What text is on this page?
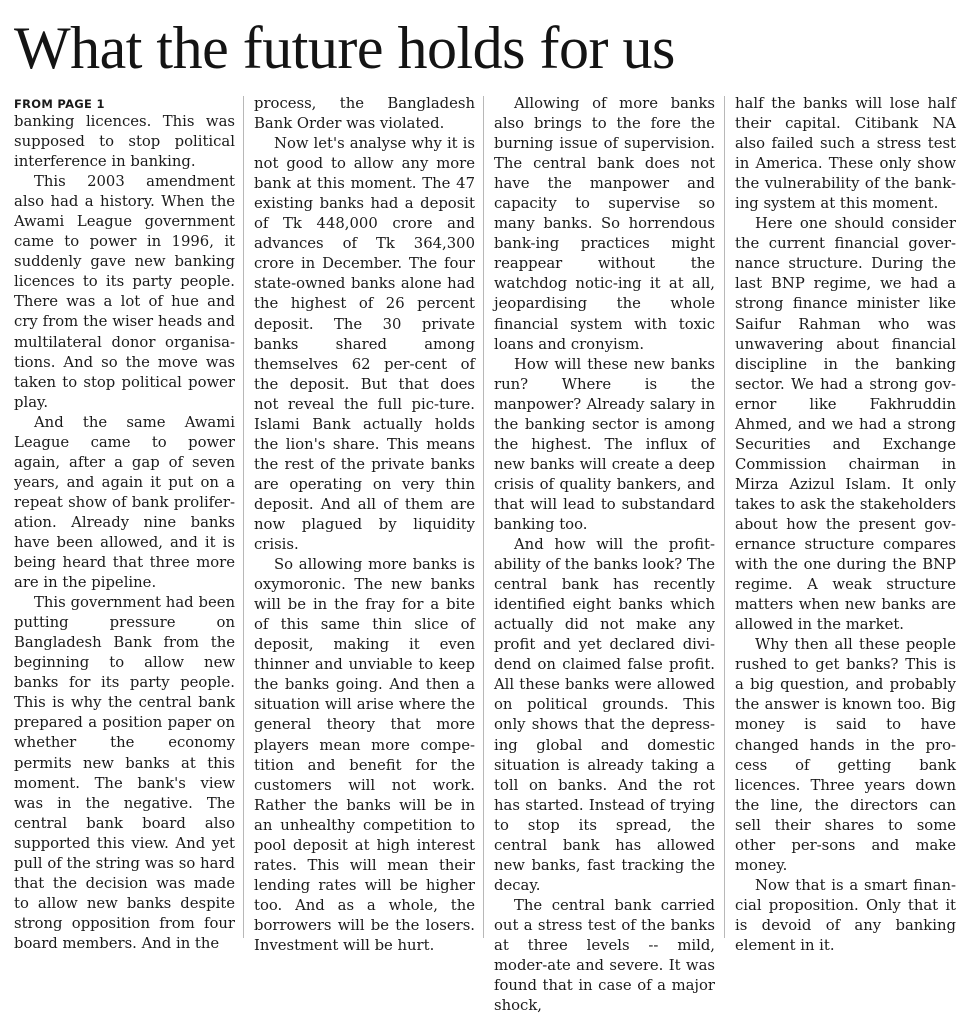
What the future holds for us
FROM PAGE 1

banking licences. This was supposed to stop political interference in banking.

This 2003 amendment also had a history. When the Awami League government came to power in 1996, it suddenly gave new banking licences to its party people. There was a lot of hue and cry from the wiser heads and multilateral donor organisa-tions. And so the move was taken to stop political power play.

And the same Awami League came to power again, after a gap of seven years, and again it put on a repeat show of bank prolifer-ation. Already nine banks have been allowed, and it is being heard that three more are in the pipeline.

This government had been putting pressure on Bangladesh Bank from the beginning to allow new banks for its party people. This is why the central bank prepared a position paper on whether the economy permits new banks at this moment. The bank's view was in the negative. The central bank board also supported this view. And yet pull of the string was so hard that the decision was made to allow new banks despite strong opposition from four board members. And in the

process, the Bangladesh Bank Order was violated.

Now let's analyse why it is not good to allow any more bank at this moment. The 47 existing banks had a deposit of Tk 448,000 crore and advances of Tk 364,300 crore in December. The four state-owned banks alone had the highest of 26 percent deposit. The 30 private banks shared among themselves 62 per-cent of the deposit. But that does not reveal the full pic-ture. Islami Bank actually holds the lion's share. This means the rest of the private banks are operating on very thin deposit. And all of them are now plagued by liquidity crisis.

So allowing more banks is oxymoronic. The new banks will be in the fray for a bite of this same thin slice of deposit, making it even thinner and unviable to keep the banks going. And then a situation will arise where the general theory that more players mean more compe-tition and benefit for the customers will not work. Rather the banks will be in an unhealthy competition to pool deposit at high interest rates. This will mean their lending rates will be higher too. And as a whole, the borrowers will be the losers. Investment will be hurt.

Allowing of more banks also brings to the fore the burning issue of supervision. The central bank does not have the manpower and capacity to supervise so many banks. So horrendous bank-ing practices might reappear without the watchdog notic-ing it at all, jeopardising the whole financial system with toxic loans and cronyism.

How will these new banks run? Where is the manpower? Already salary in the banking sector is among the highest. The influx of new banks will create a deep crisis of quality bankers, and that will lead to substandard banking too.

And how will the profit-ability of the banks look? The central bank has recently identified eight banks which actually did not make any profit and yet declared divi-dend on claimed false profit. All these banks were allowed on political grounds. This only shows that the depress-ing global and domestic situation is already taking a toll on banks. And the rot has started. Instead of trying to stop its spread, the central bank has allowed new banks, fast tracking the decay.

The central bank carried out a stress test of the banks at three levels -- mild, moder-ate and severe. It was found that in case of a major shock,

half the banks will lose half their capital. Citibank NA also failed such a stress test in America. These only show the vulnerability of the bank-ing system at this moment.

Here one should consider the current financial gover-nance structure. During the last BNP regime, we had a strong finance minister like Saifur Rahman who was unwavering about financial discipline in the banking sector. We had a strong gov-ernor like Fakhruddin Ahmed, and we had a strong Securities and Exchange Commission chairman in Mirza Azizul Islam. It only takes to ask the stakeholders about how the present gov-ernance structure compares with the one during the BNP regime. A weak structure matters when new banks are allowed in the market.

Why then all these people rushed to get banks? This is a big question, and probably the answer is known too. Big money is said to have changed hands in the pro-cess of getting bank licences. Three years down the line, the directors can sell their shares to some other per-sons and make money.

Now that is a smart finan-cial proposition. Only that it is devoid of any banking element in it.
